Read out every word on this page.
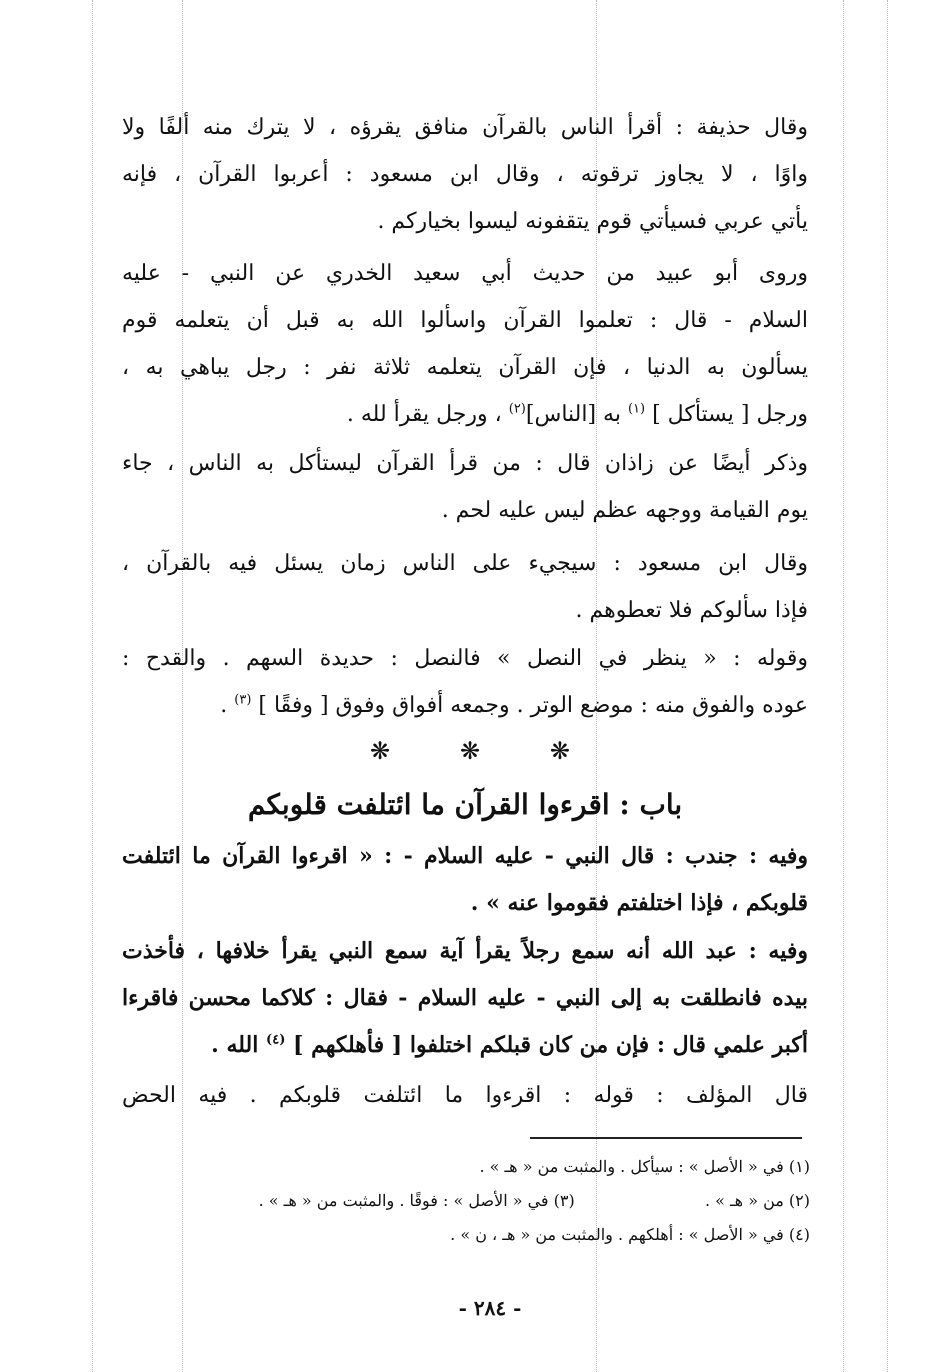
وقال حذيفة : أقرأ الناس بالقرآن منافق يقرؤه ، لا يترك منه ألفًا ولا
واوًا ، لا يجاوز ترقوته ، وقال ابن مسعود : أعربوا القرآن ، فإنه
يأتي عربي فسيأتي قوم يتقفونه ليسوا بخياركم .
وروى أبو عبيد من حديث أبي سعيد الخدري عن النبي - عليه
السلام - قال : تعلموا القرآن واسألوا الله به قبل أن يتعلمه قوم
يسألون به الدنيا ، فإن القرآن يتعلمه ثلاثة نفر : رجل يباهي به ،
ورجل [ يستأكل ] $^{(١)}$ به [الناس]$^{(٢)}$ ، ورجل يقرأ لله .
وذكر أيضًا عن زاذان قال : من قرأ القرآن ليستأكل به الناس ، جاء
يوم القيامة ووجهه عظم ليس عليه لحم .
وقال ابن مسعود : سيجيء على الناس زمان يسئل فيه بالقرآن ،
فإذا سألوكم فلا تعطوهم .
وقوله : « ينظر في النصل » فالنصل : حديدة السهم . والقدح :
عوده والفوق منه : موضع الوتر . وجمعه أفواق وفوق [ وفقًا ] $^{(٣)}$ .
❋	❋	❋
باب : اقرءوا القرآن ما ائتلفت قلوبكم
وفيه : جندب : قال النبي - عليه السلام - : « اقرءوا القرآن ما ائتلفت
قلوبكم ، فإذا اختلفتم فقوموا عنه » .
وفيه : عبد الله أنه سمع رجلاً يقرأ آية سمع النبي يقرأ خلافها ، فأخذت
بيده فانطلقت به إلى النبي - عليه السلام - فقال : كلاكما محسن فاقرءا
أكبر علمي قال : فإن من كان قبلكم اختلفوا [ فأهلكهم ] $^{(٤)}$ الله .
قال المؤلف : قوله : اقرءوا ما ائتلفت قلوبكم . فيه الحض
(١) في « الأصل » : سيأكل . والمثبت من « هـ » .
(٢) من « هـ » .  (٣) في « الأصل » : فوقًا . والمثبت من « هـ » .
(٤) في « الأصل » : أهلكهم . والمثبت من « هـ ، ن » .
- ٢٨٤ -
